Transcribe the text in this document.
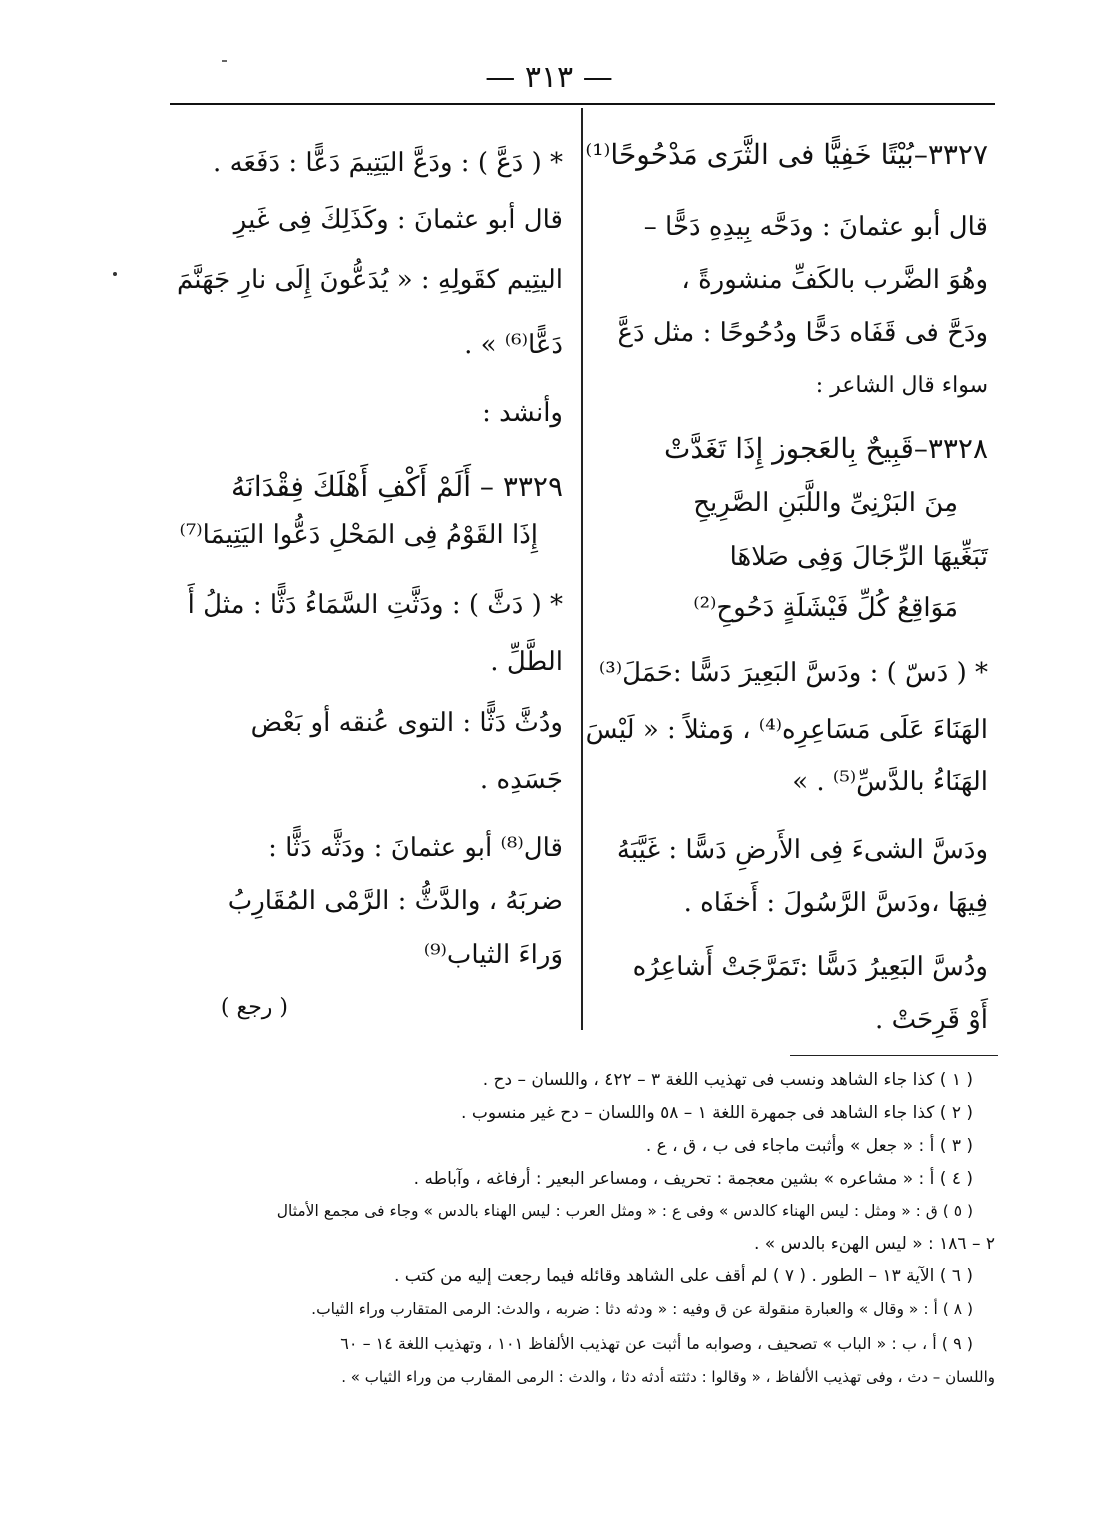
— ٣١٣ —
٣٣٢٧–بُيْتًا خَفِيًّا فى الثَّرَى مَدْحُوحًا⁽¹⁾
قال أبو عثمانَ : ودَحَّه بِيدِهِ دَحًّا –
وهُوَ الضَّرب بالكَفِّ منشورةً ،
ودَحَّ فى قَفَاه دَحًّا ودُحُوحًا : مثل دَعَّ
سواء قال الشاعر :
٣٣٢٨–قَبِيحٌ بِالعَجوز إِذَا تَغَدَّتْ
مِنَ البَرْنِىِّ واللَّبَنِ الصَّرِيحِ
تَبَغِّيهَا الرِّجَالَ وَفِى صَلاهَا
مَوَاقِعُ كُلِّ فَيْشَلَةٍ دَحُوحِ⁽²⁾
* ( دَسّ ) : ودَسَّ البَعِيرَ دَسًّا :حَمَلَ⁽³⁾
الهَنَاءَ عَلَى مَسَاعِرِه⁽⁴⁾ ، وَمثلاً : « لَيْسَ
الهَنَاءُ بالدَّسِّ⁽⁵⁾ . »
ودَسَّ الشىءَ فِى الأَرضِ دَسًّا : غَيَّبَهُ
فِيهَا ،ودَسَّ الرَّسُولَ : أَخفَاه .
ودُسَّ البَعِيرُ دَسًّا :تَمَرَّجَتْ أَشاعِرُه
أَوْ قَرِحَتْ .
* ( دَعَّ ) : ودَعَّ اليَتِيمَ دَعًّا : دَفَعَه .
قال أبو عثمانَ : وكَذَلِكَ فِى غَيرِ
اليتِيم كقَولِهِ : « يُدَعُّونَ إِلَى نارِ جَهَنَّمَ
دَعًّا⁽⁶⁾ » .
وأنشد :
٣٣٢٩ – أَلَمْ أَكْفِ أَهْلَكَ فِقْدَانَهُ
إِذَا القَوْمُ فِى المَحْلِ دَعُّوا اليَتِيمَا⁽⁷⁾
* ( دَثَّ ) : ودَثَّتِ السَّمَاءُ دَثًّا : مثلُ أَ
الطَّلِّ .
ودُثَّ دَثًّا : التوى عُنقه أو بَعْض
جَسَدِه .
قال⁽⁸⁾ أبو عثمانَ : ودَثَّه دَثًّا :
ضربَهُ ، والدَّثُّ : الرَّمْى المُقَارِبُ
وَراءَ الثياب⁽⁹⁾
( رجع )
( ١ ) كذا جاء الشاهد ونسب فى تهذيب اللغة ٣ – ٤٢٢ ، واللسان – دح .
( ٢ ) كذا جاء الشاهد فى جمهرة اللغة ١ – ٥٨ واللسان – دح غير منسوب .
( ٣ ) أ : « جعل » وأثبت ماجاء فى ب ، ق ، ع .
( ٤ ) أ : « مشاعره » بشين معجمة : تحريف ، ومساعر البعير : أرفاغه ، وآباطه .
( ٥ ) ق : « ومثل : ليس الهناء كالدس » وفى ع : « ومثل العرب : ليس الهناء بالدس » وجاء فى مجمع الأمثال
٢ – ١٨٦ : « ليس الهنء بالدس » .
( ٦ ) الآية ١٣ – الطور . ( ٧ ) لم أقف على الشاهد وقائله فيما رجعت إليه من كتب .
( ٨ ) أ : « وقال » والعبارة منقولة عن ق وفيه : « ودثه دثا : ضربه ، والدث: الرمى المتقارب وراء الثياب.
( ٩ ) أ ، ب : « الباب » تصحيف ، وصوابه ما أثبت عن تهذيب الألفاظ ١٠١ ، وتهذيب اللغة ١٤ – ٦٠
واللسان – دث ، وفى تهذيب الألفاظ ، « وقالوا : دثثته أدثه دثا ، والدث : الرمى المقارب من وراء الثياب » .
